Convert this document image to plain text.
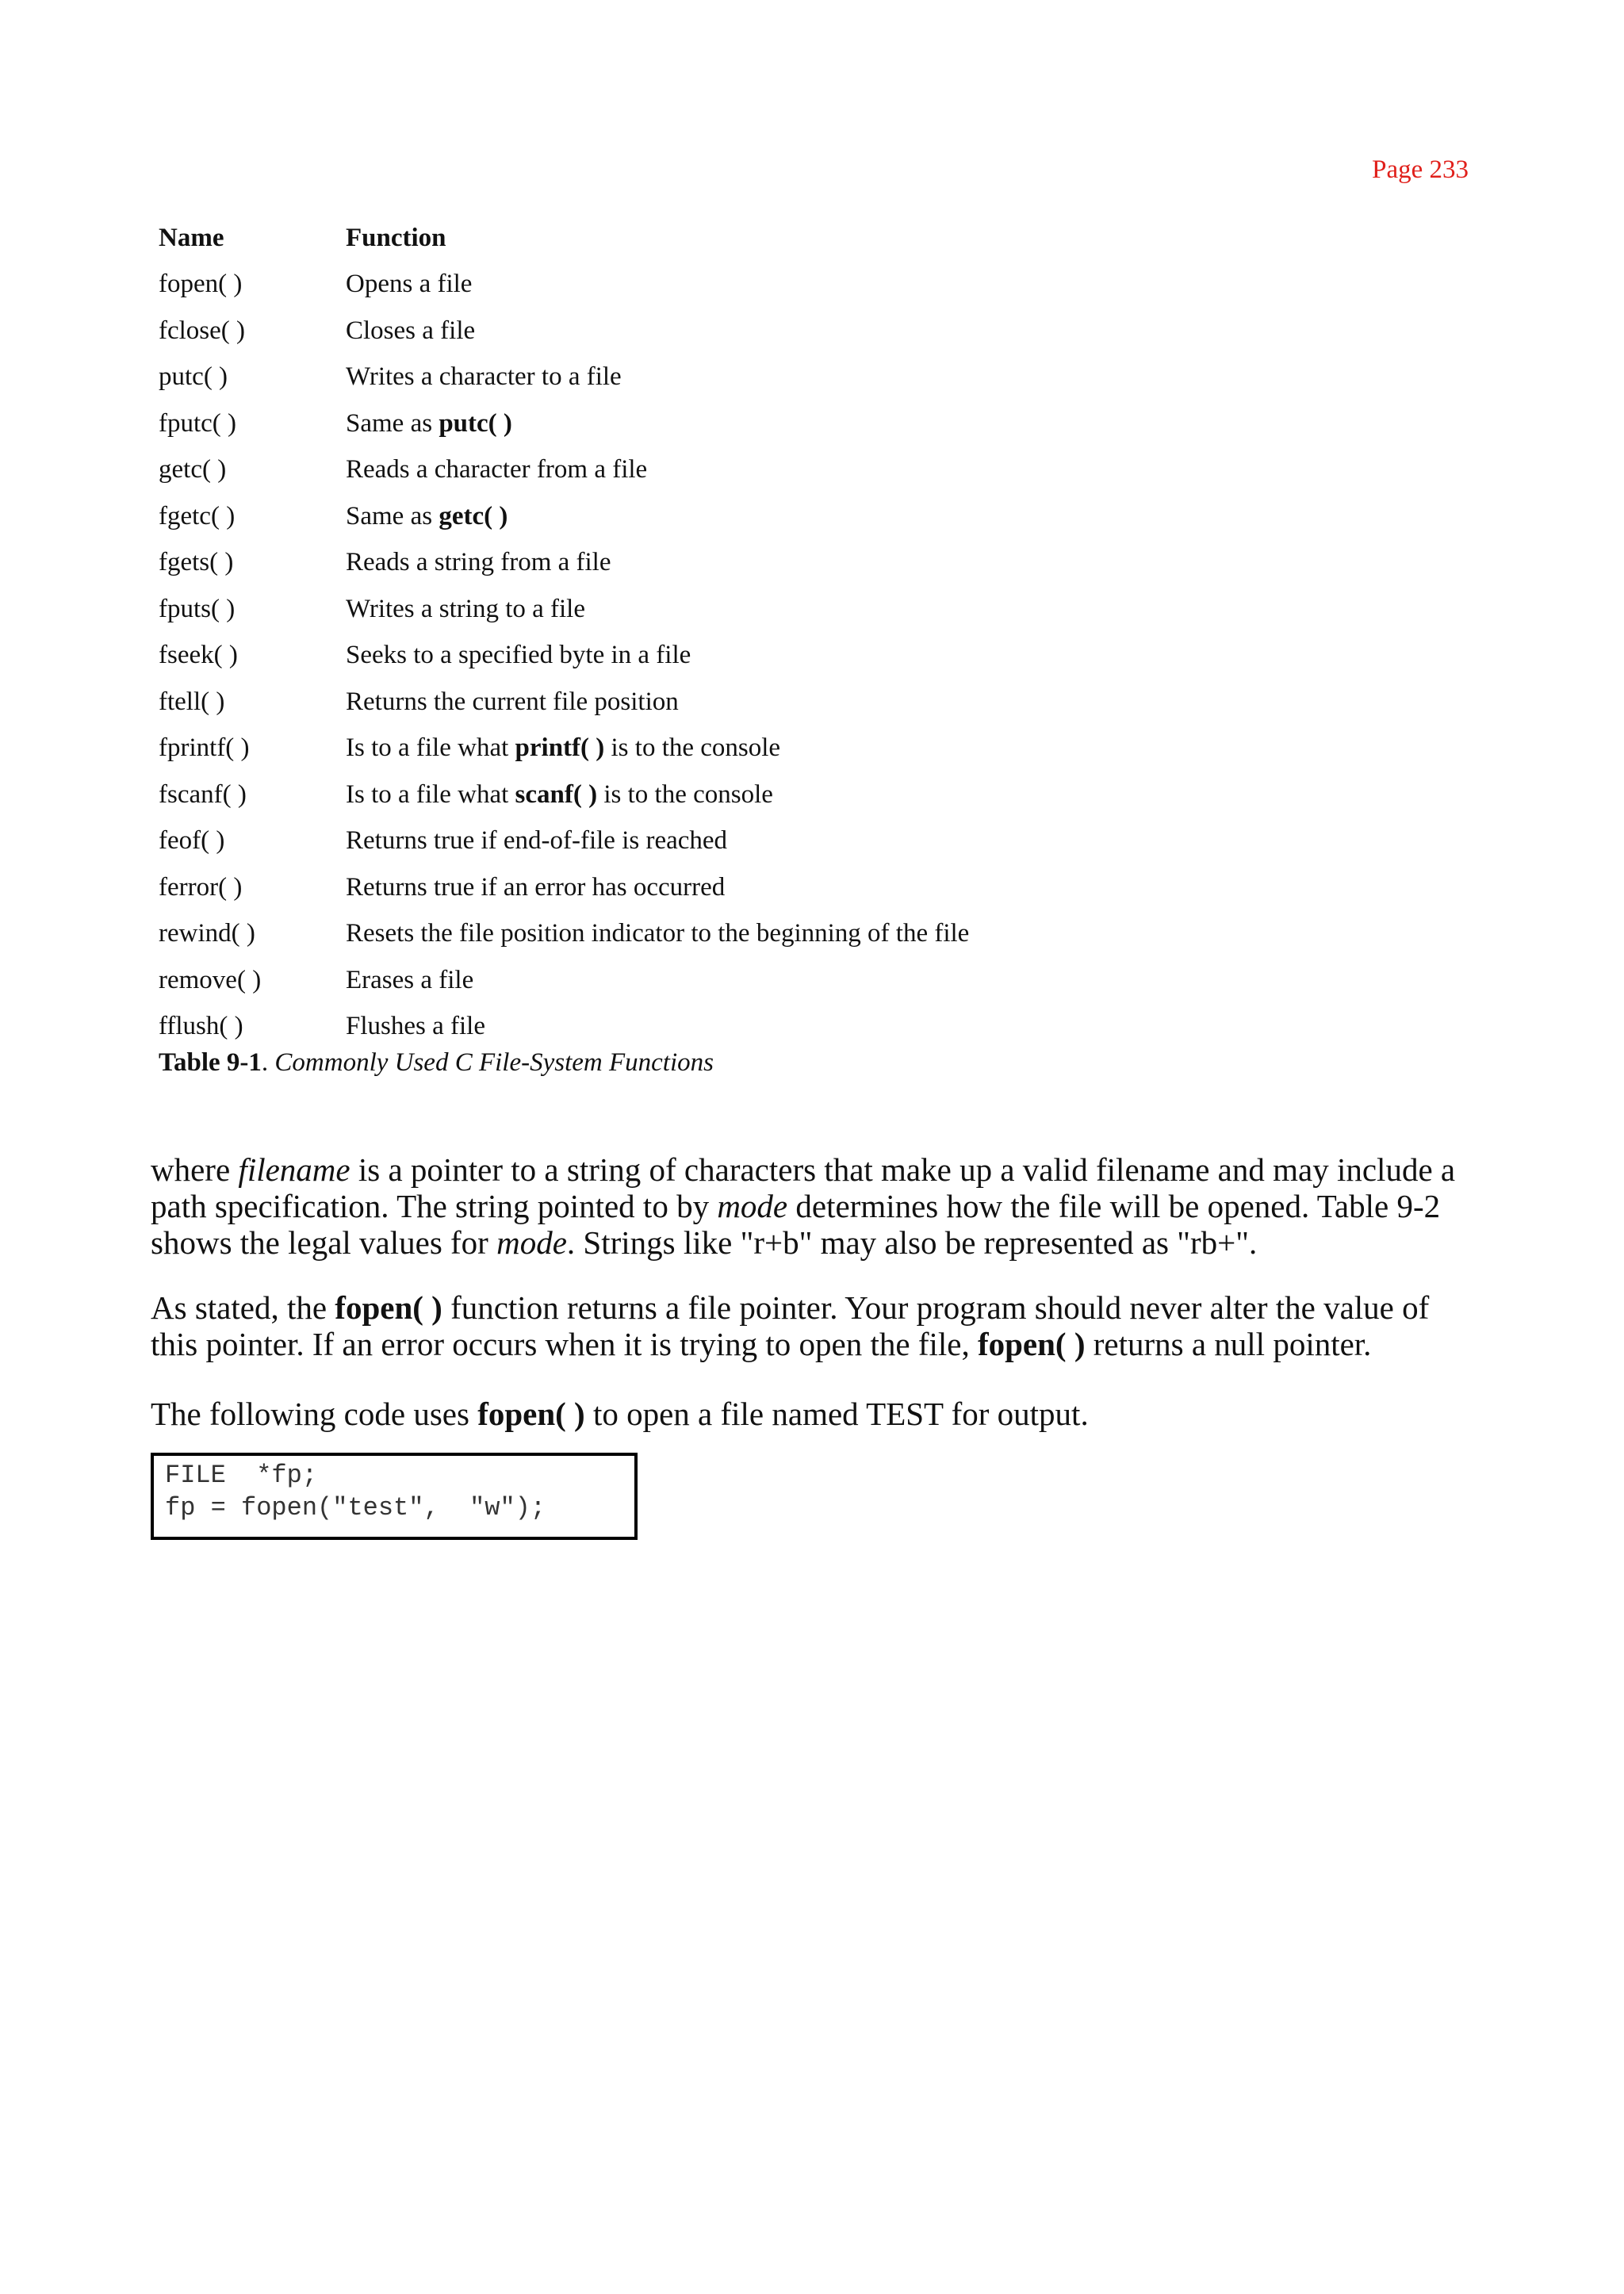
Page 233
Name	Function
fopen( )	Opens a file
fclose( )	Closes a file
putc( )	Writes a character to a file
fputc( )	Same as putc( )
getc( )	Reads a character from a file
fgetc( )	Same as getc( )
fgets( )	Reads a string from a file
fputs( )	Writes a string to a file
fseek( )	Seeks to a specified byte in a file
ftell( )	Returns the current file position
fprintf( )	Is to a file what printf( ) is to the console
fscanf( )	Is to a file what scanf( ) is to the console
feof( )	Returns true if end-of-file is reached
ferror( )	Returns true if an error has occurred
rewind( )	Resets the file position indicator to the beginning of the file
remove( )	Erases a file
fflush( )	Flushes a file
Table 9-1. Commonly Used C File-System Functions

where filename is a pointer to a string of characters that make up a valid filename and may include a path specification. The string pointed to by mode determines how the file will be opened. Table 9-2 shows the legal values for mode. Strings like "r+b" may also be represented as "rb+".

As stated, the fopen( ) function returns a file pointer. Your program should never alter the value of this pointer. If an error occurs when it is trying to open the file, fopen( ) returns a null pointer.

The following code uses fopen( ) to open a file named TEST for output.

FILE  *fp;
fp = fopen("test",  "w");
